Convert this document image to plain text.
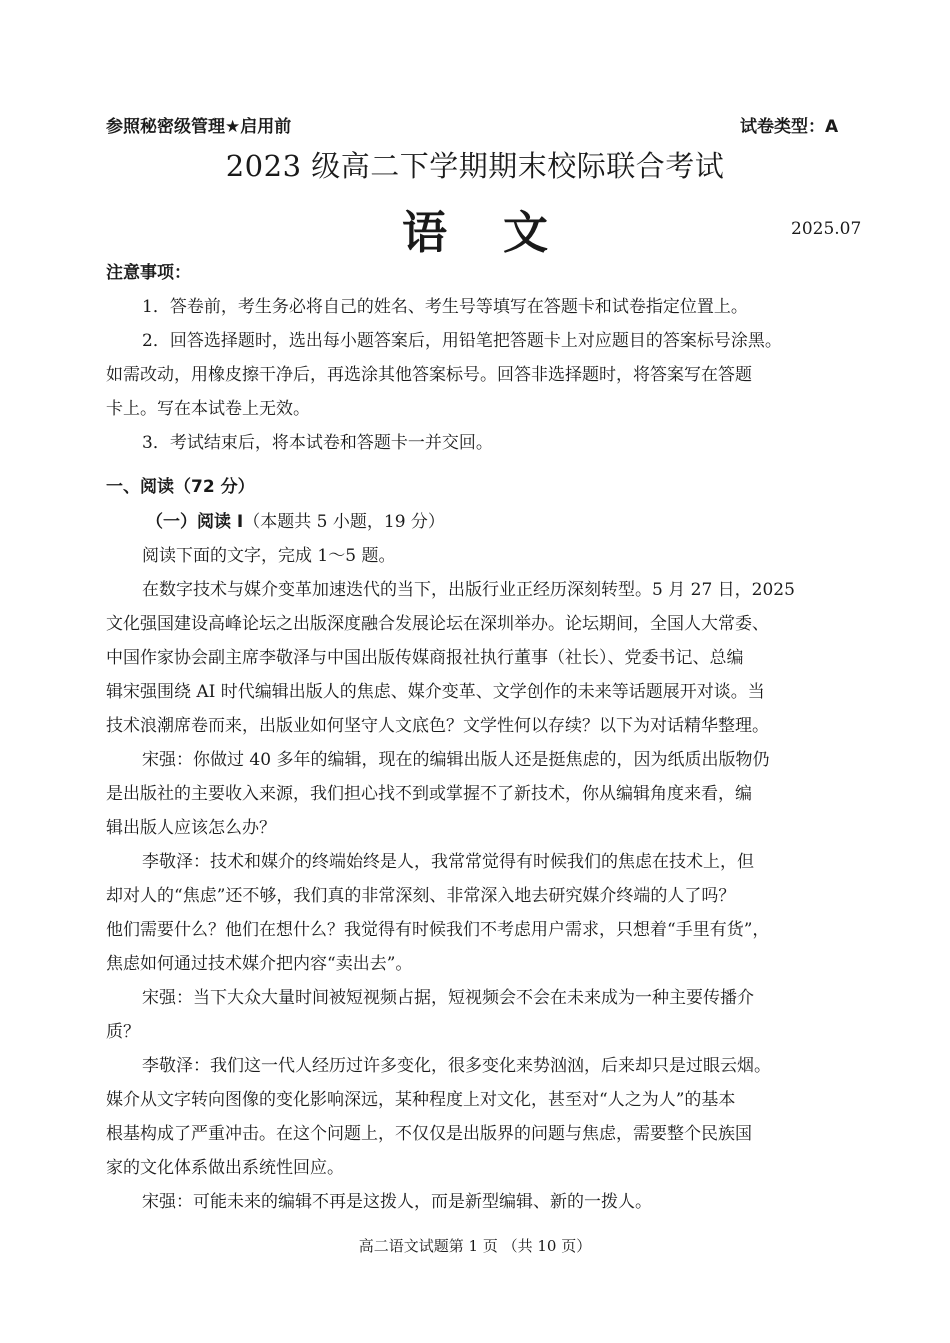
参照秘密级管理★启用前	试卷类型：A
2023 级高二下学期期末校际联合考试
语文	2025.07
注意事项：
1．答卷前，考生务必将自己的姓名、考生号等填写在答题卡和试卷指定位置上。
2．回答选择题时，选出每小题答案后，用铅笔把答题卡上对应题目的答案标号涂黑。
如需改动，用橡皮擦干净后，再选涂其他答案标号。回答非选择题时，将答案写在答题
卡上。写在本试卷上无效。
3．考试结束后，将本试卷和答题卡一并交回。
一、阅读（72 分）
（一）阅读 I（本题共 5 小题，19 分）
阅读下面的文字，完成 1～5 题。
在数字技术与媒介变革加速迭代的当下，出版行业正经历深刻转型。5 月 27 日，2025
文化强国建设高峰论坛之出版深度融合发展论坛在深圳举办。论坛期间，全国人大常委、
中国作家协会副主席李敬泽与中国出版传媒商报社执行董事（社长）、党委书记、总编
辑宋强围绕 AI 时代编辑出版人的焦虑、媒介变革、文学创作的未来等话题展开对谈。当
技术浪潮席卷而来，出版业如何坚守人文底色？文学性何以存续？以下为对话精华整理。
宋强：你做过 40 多年的编辑，现在的编辑出版人还是挺焦虑的，因为纸质出版物仍
是出版社的主要收入来源，我们担心找不到或掌握不了新技术，你从编辑角度来看，编
辑出版人应该怎么办？
李敬泽：技术和媒介的终端始终是人，我常常觉得有时候我们的焦虑在技术上，但
却对人的“焦虑”还不够，我们真的非常深刻、非常深入地去研究媒介终端的人了吗？
他们需要什么？他们在想什么？我觉得有时候我们不考虑用户需求，只想着“手里有货”，
焦虑如何通过技术媒介把内容“卖出去”。
宋强：当下大众大量时间被短视频占据，短视频会不会在未来成为一种主要传播介
质？
李敬泽：我们这一代人经历过许多变化，很多变化来势汹汹，后来却只是过眼云烟。
媒介从文字转向图像的变化影响深远，某种程度上对文化，甚至对“人之为人”的基本
根基构成了严重冲击。在这个问题上，不仅仅是出版界的问题与焦虑，需要整个民族国
家的文化体系做出系统性回应。
宋强：可能未来的编辑不再是这拨人，而是新型编辑、新的一拨人。
高二语文试题第 1 页 （共 10 页）
